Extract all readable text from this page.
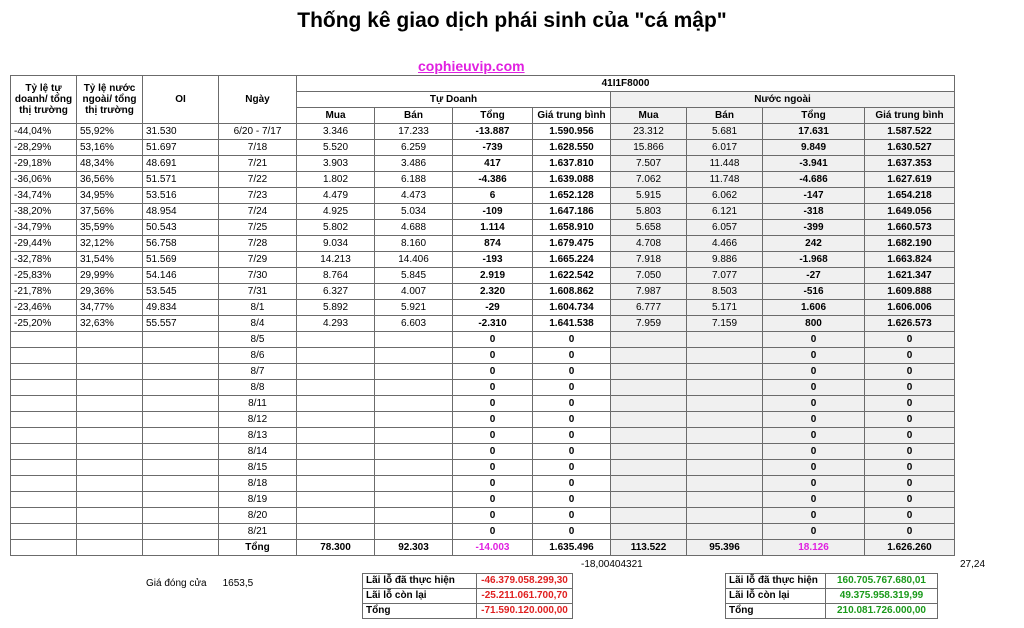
Thống kê giao dịch phái sinh của "cá mập"
cophieuvip.com
Tỷ lệ tự doanh/ tổng thị trường	Tỷ lệ nước ngoài/ tổng thị trường	OI	Ngày	41I1F8000							
				Tự Doanh				Nước ngoài			
				Mua	Bán	Tổng	Giá trung bình	Mua	Bán	Tổng	Giá trung bình
-44,04%	55,92%	31.530	6/20 - 7/17	3.346	17.233	-13.887	1.590.956	23.312	5.681	17.631	1.587.522
-28,29%	53,16%	51.697	7/18	5.520	6.259	-739	1.628.550	15.866	6.017	9.849	1.630.527
-29,18%	48,34%	48.691	7/21	3.903	3.486	417	1.637.810	7.507	11.448	-3.941	1.637.353
-36,06%	36,56%	51.571	7/22	1.802	6.188	-4.386	1.639.088	7.062	11.748	-4.686	1.627.619
-34,74%	34,95%	53.516	7/23	4.479	4.473	6	1.652.128	5.915	6.062	-147	1.654.218
-38,20%	37,56%	48.954	7/24	4.925	5.034	-109	1.647.186	5.803	6.121	-318	1.649.056
-34,79%	35,59%	50.543	7/25	5.802	4.688	1.114	1.658.910	5.658	6.057	-399	1.660.573
-29,44%	32,12%	56.758	7/28	9.034	8.160	874	1.679.475	4.708	4.466	242	1.682.190
-32,78%	31,54%	51.569	7/29	14.213	14.406	-193	1.665.224	7.918	9.886	-1.968	1.663.824
-25,83%	29,99%	54.146	7/30	8.764	5.845	2.919	1.622.542	7.050	7.077	-27	1.621.347
-21,78%	29,36%	53.545	7/31	6.327	4.007	2.320	1.608.862	7.987	8.503	-516	1.609.888
-23,46%	34,77%	49.834	8/1	5.892	5.921	-29	1.604.734	6.777	5.171	1.606	1.606.006
-25,20%	32,63%	55.557	8/4	4.293	6.603	-2.310	1.641.538	7.959	7.159	800	1.626.573
			8/5			0	0			0	0
			8/6			0	0			0	0
			8/7			0	0			0	0
			8/8			0	0			0	0
			8/11			0	0			0	0
			8/12			0	0			0	0
			8/13			0	0			0	0
			8/14			0	0			0	0
			8/15			0	0			0	0
			8/18			0	0			0	0
			8/19			0	0			0	0
			8/20			0	0			0	0
			8/21			0	0			0	0
			Tổng	78.300	92.303	-14.003	1.635.496	113.522	95.396	18.126	1.626.260
-18,00404321	27,24
Giá đóng cửa 1653,5	Lãi lỗ đã thực hiện	-46.379.058.299,30
Lãi lỗ còn lại	-25.211.061.700,70
Tổng	-71.590.120.000,00
Lãi lỗ đã thực hiện	160.705.767.680,01
Lãi lỗ còn lại	49.375.958.319,99
Tổng	210.081.726.000,00
